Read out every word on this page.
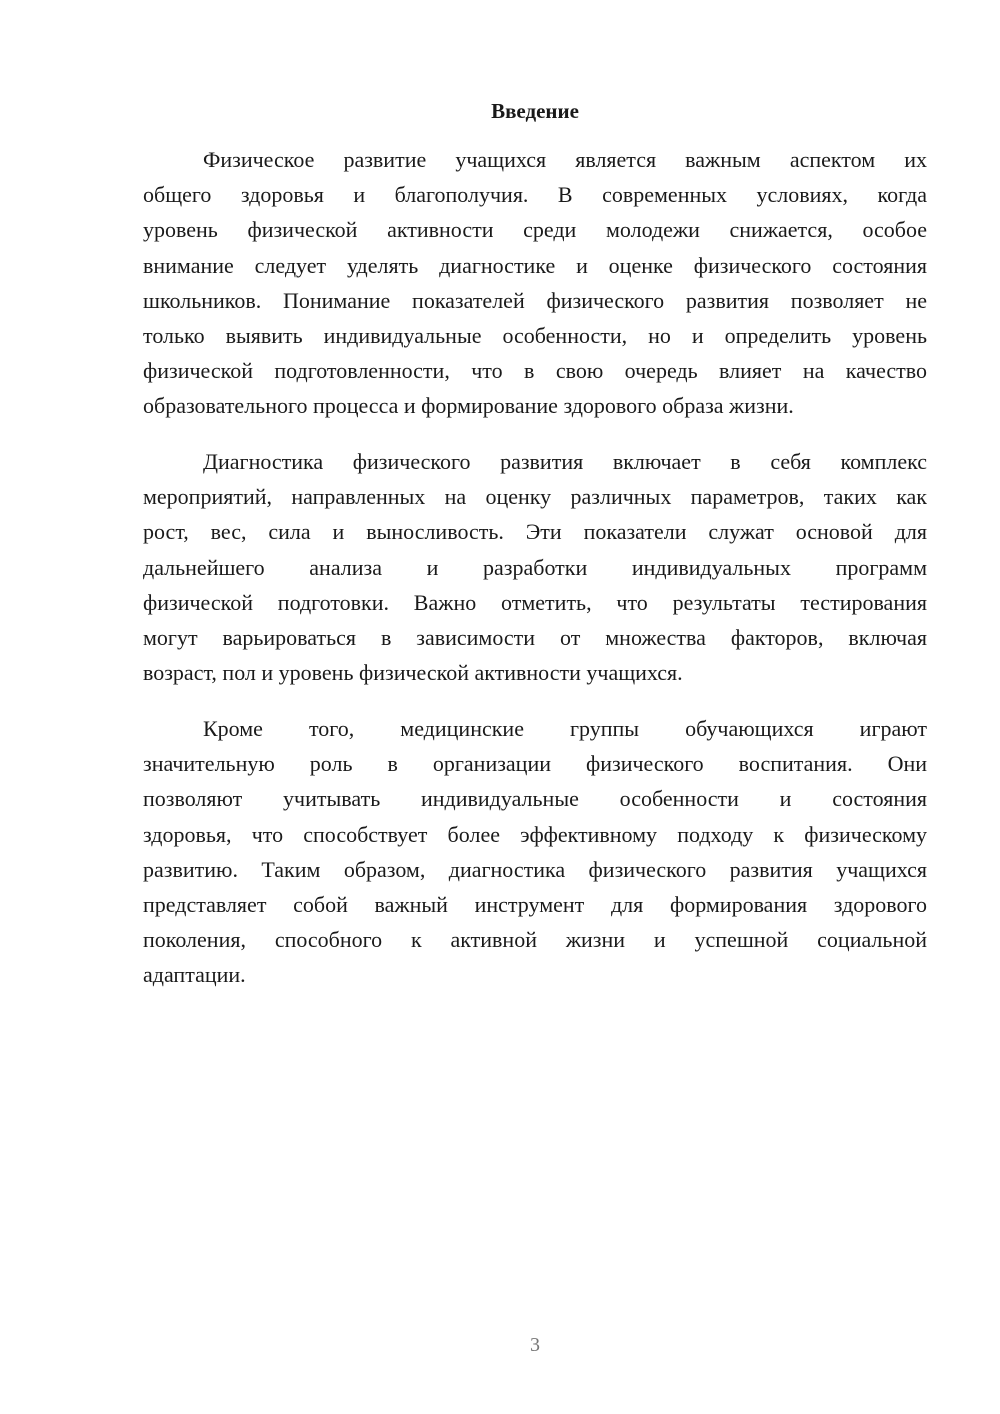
Введение
Физическое развитие учащихся является важным аспектом их
общего здоровья и благополучия. В современных условиях, когда
уровень физической активности среди молодежи снижается, особое
внимание следует уделять диагностике и оценке физического состояния
школьников. Понимание показателей физического развития позволяет не
только выявить индивидуальные особенности, но и определить уровень
физической подготовленности, что в свою очередь влияет на качество
образовательного процесса и формирование здорового образа жизни.
Диагностика физического развития включает в себя комплекс
мероприятий, направленных на оценку различных параметров, таких как
рост, вес, сила и выносливость. Эти показатели служат основой для
дальнейшего анализа и разработки индивидуальных программ
физической подготовки. Важно отметить, что результаты тестирования
могут варьироваться в зависимости от множества факторов, включая
возраст, пол и уровень физической активности учащихся.
Кроме того, медицинские группы обучающихся играют
значительную роль в организации физического воспитания. Они
позволяют учитывать индивидуальные особенности и состояния
здоровья, что способствует более эффективному подходу к физическому
развитию. Таким образом, диагностика физического развития учащихся
представляет собой важный инструмент для формирования здорового
поколения, способного к активной жизни и успешной социальной
адаптации.
3
